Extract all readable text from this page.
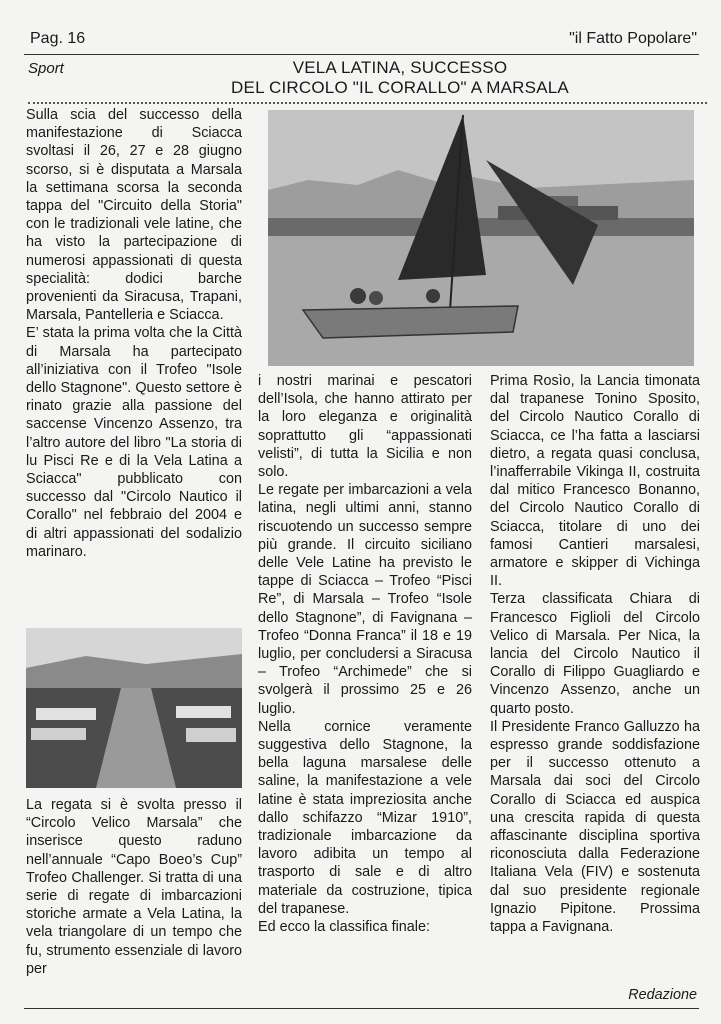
Pag. 16	"il Fatto Popolare"
Sport	VELA LATINA, SUCCESSO
DEL CIRCOLO "IL CORALLO" A MARSALA

Sulla scia del successo della manifestazione di Sciacca svoltasi il 26, 27 e 28 giugno scorso, si è disputata a Marsala la settimana scorsa la seconda tappa del "Circuito della Storia" con le tradizionali vele latine, che ha visto la partecipazione di numerosi appassionati di questa specialità: dodici barche provenienti da Siracusa, Trapani, Marsala, Pantelleria e Sciacca.

E’ stata la prima volta che la Città di Marsala ha partecipato all’iniziativa con il Trofeo "Isole dello Stagnone". Questo settore è rinato grazie alla passione del saccense Vincenzo Assenzo, tra l’altro autore del libro "La storia di lu Pisci Re e di la Vela Latina a Sciacca" pubblicato con successo dal "Circolo Nautico il Corallo" nel febbraio del 2004 e di altri appassionati del sodalizio marinaro.

La regata si è svolta presso il “Circolo Velico Marsala” che inserisce questo raduno nell’annuale “Capo Boeo’s Cup” Trofeo Challenger. Si tratta di una serie di regate di imbarcazioni storiche armate a Vela Latina, la vela triangolare di un tempo che fu, strumento essenziale di lavoro per

i nostri marinai e pescatori dell’Isola, che hanno attirato per la loro eleganza e originalità soprattutto gli “appassionati velisti”, di tutta la Sicilia e non solo.

Le regate per imbarcazioni a vela latina, negli ultimi anni, stanno riscuotendo un successo sempre più grande. Il circuito siciliano delle Vele Latine ha previsto le tappe di Sciacca – Trofeo “Pisci Re”, di Marsala – Trofeo “Isole dello Stagnone”, di Favignana – Trofeo “Donna Franca” il 18 e 19 luglio, per concludersi a Siracusa – Trofeo “Archimede” che si svolgerà il prossimo 25 e 26 luglio.

Nella cornice veramente suggestiva dello Stagnone, la bella laguna marsalese delle saline, la manifestazione a vele latine è stata impreziosita anche dallo schifazzo “Mizar 1910”, tradizionale imbarcazione da lavoro adibita un tempo al trasporto di sale e di altro materiale da costruzione, tipica del trapanese.

Ed ecco la classifica finale:

Prima Rosìo, la Lancia timonata dal trapanese Tonino Sposito, del Circolo Nautico Corallo di Sciacca, ce l’ha fatta a lasciarsi dietro, a regata quasi conclusa, l’inafferrabile Vikinga II, costruita dal mitico Francesco Bonanno, del Circolo Nautico Corallo di Sciacca, titolare di uno dei famosi Cantieri marsalesi, armatore e skipper di Vichinga II.

Terza classificata Chiara di Francesco Figlioli del Circolo Velico di Marsala. Per Nica, la lancia del Circolo Nautico il Corallo di Filippo Guagliardo e Vincenzo Assenzo, anche un quarto posto.

Il Presidente Franco Galluzzo ha espresso grande soddisfazione per il successo ottenuto a Marsala dai soci del Circolo Corallo di Sciacca ed auspica una crescita rapida di questa affascinante disciplina sportiva riconosciuta dalla Federazione Italiana Vela (FIV) e sostenuta dal suo presidente regionale Ignazio Pipitone. Prossima tappa a Favignana.

Redazione
